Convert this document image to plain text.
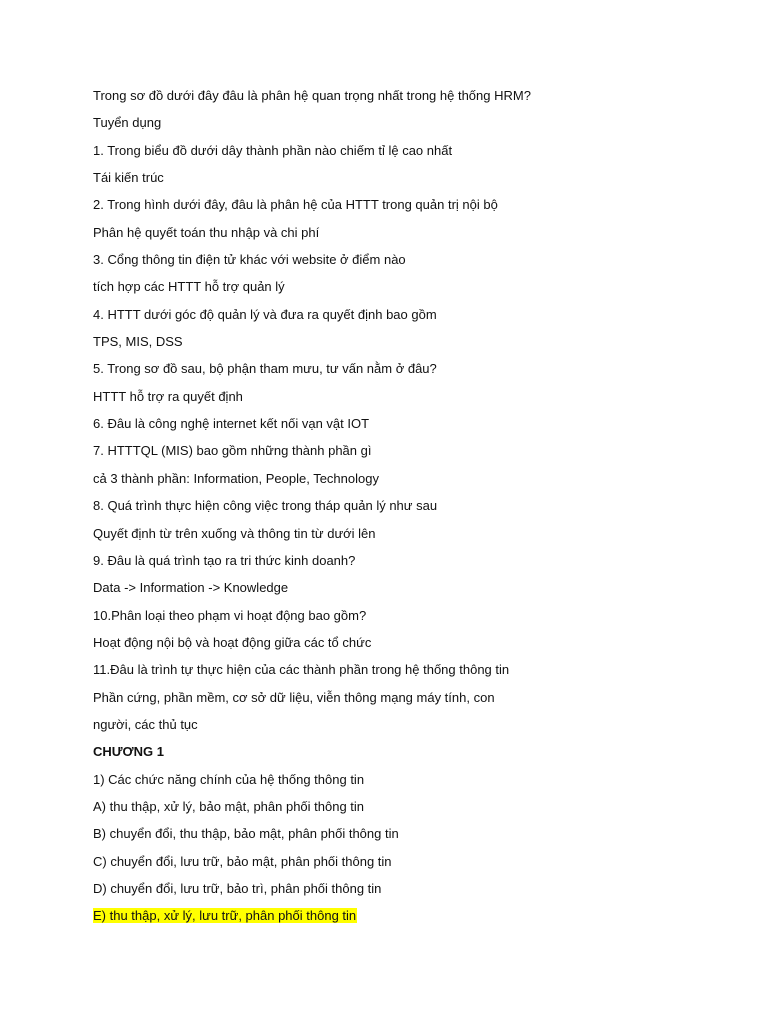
Trong sơ đồ dưới đây đâu là phân hệ quan trọng nhất trong hệ thống HRM?
Tuyển dụng
1. Trong biểu đồ dưới dây thành phần nào chiếm tỉ lệ cao nhất
Tái kiến trúc
2. Trong hình dưới đây, đâu là phân hệ của HTTT trong quản trị nội bộ
Phân hệ quyết toán thu nhập và chi phí
3. Cổng thông tin điện tử khác với website ở điểm nào
tích hợp các HTTT hỗ trợ quản lý
4. HTTT dưới góc độ quản lý và đưa ra quyết định bao gồm
TPS, MIS, DSS
5. Trong sơ đồ sau, bộ phận tham mưu, tư vấn nằm ở đâu?
HTTT hỗ trợ ra quyết định
6. Đâu là công nghệ internet kết nối vạn vật IOT
7. HTTTQL (MIS) bao gồm những thành phần gì
cả 3 thành phần: Information, People, Technology
8. Quá trình thực hiện công việc trong tháp quản lý như sau
Quyết định từ trên xuống và thông tin từ dưới lên
9. Đâu là quá trình tạo ra tri thức kinh doanh?
Data -> Information -> Knowledge
10.Phân loại theo phạm vi hoạt động bao gồm?
Hoạt động nội bộ và hoạt động giữa các tổ chức
11.Đâu là trình tự thực hiện của các thành phần trong hệ thống thông tin
Phần cứng, phần mềm, cơ sở dữ liệu, viễn thông mạng máy tính, con
người, các thủ tục
CHƯƠNG 1
1) Các chức năng chính của hệ thống thông tin
A) thu thập, xử lý, bảo mật, phân phối thông tin
B) chuyển đổi, thu thập, bảo mật, phân phối thông tin
C) chuyển đổi, lưu trữ, bảo mật, phân phối thông tin
D) chuyển đổi, lưu trữ, bảo trì, phân phối thông tin
E) thu thập, xử lý, lưu trữ, phân phối thông tin
